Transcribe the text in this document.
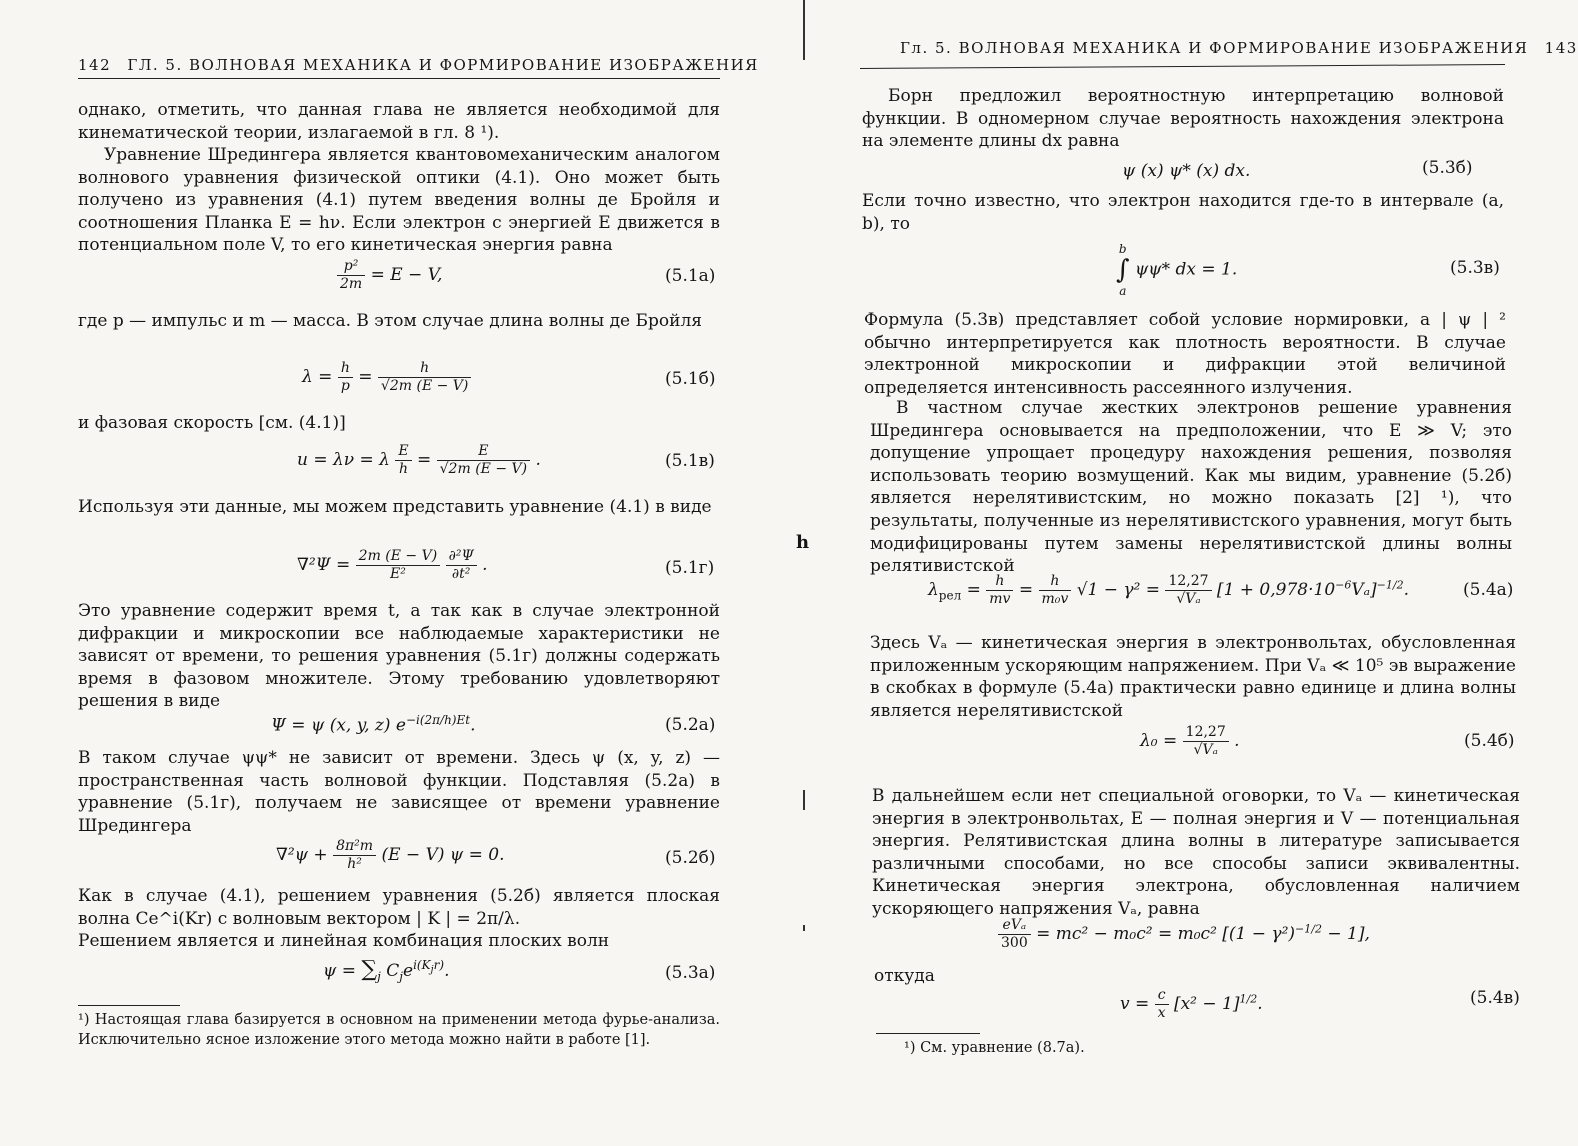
142 ГЛ. 5. ВОЛНОВАЯ МЕХАНИКА И ФОРМИРОВАНИЕ ИЗОБРАЖЕНИЯ

однако, отметить, что данная глава не является необходимой для кинематической теории, излагаемой в гл. 8 ¹).

Уравнение Шредингера является квантовомеханическим аналогом волнового уравнения физической оптики (4.1). Оно может быть получено из уравнения (4.1) путем введения волны де Бройля и соотношения Планка E = hν. Если электрон с энергией E движется в потенциальном поле V, то его кинетическая энергия равна

$\frac{\text{p²}}{2m} = E - V$,	(5.1а)

где p — импульс и m — масса. В этом случае длина волны де Бройля

$\lambda = \frac{h}{p} = \frac{h}{√2m (E - V)}$	(5.1б)

и фазовая скорость [см. (4.1)]

u = λν = λ $\frac{E}{h} = \frac{E}{√2m (E - V)}$ .	(5.1в)

Используя эти данные, мы можем представить уравнение (4.1) в виде

$\nabla^2\Psi = \frac{2m (E - V)}{\text{E²}}$
$\frac{\text{∂²Ψ}}{\text{∂t²}}$ .	(5.1г)

Это уравнение содержит время t, а так как в случае электронной дифракции и микроскопии все наблюдаемые характеристики не зависят от времени, то решения уравнения (5.1г) должны содержать время в фазовом множителе. Этому требованию удовлетворяют решения в виде

Ψ = ψ (x, y, z) $e^{-i(2\pi/h)Et}$.	(5.2а)

В таком случае ψψ* не зависит от времени. Здесь ψ (x, y, z) — пространственная часть волновой функции. Подставляя (5.2а) в уравнение (5.1г), получаем не зависящее от времени уравнение Шредингера

$\nabla^2\psi + \frac{\text{8π²m}}{\text{h²}} (E - V) \psi = 0$.	(5.2б)

Как в случае (4.1), решением уравнения (5.2б) является плоская волна Ce^i(Kr) с волновым вектором | K | = 2π/λ.

Решением является и линейная комбинация плоских волн

$\psi = \sum_j$ $C_je^{i(K_jr)}$.	(5.3а)

¹) Настоящая глава базируется в основном на применении метода фурье-анализа. Исключительно ясное изложение этого метода можно найти в работе [1].

h
Гл. 5. ВОЛНОВАЯ МЕХАНИКА И ФОРМИРОВАНИЕ ИЗОБРАЖЕНИЯ 143

Борн предложил вероятностную интерпретацию волновой функции. В одномерном случае вероятность нахождения электрона на элементе длины dx равна

ψ (x) ψ* (x) dx.	(5.3б)

Если точно известно, что электрон находится где-то в интервале (a, b), то

b
∫
a ψψ* dx = 1.	(5.3в)

Формула (5.3в) представляет собой условие нормировки, а | ψ | ² обычно интерпретируется как плотность вероятности. В случае электронной микроскопии и дифракции этой величиной определяется интенсивность рассеянного излучения.

В частном случае жестких электронов решение уравнения Шредингера основывается на предположении, что E ≫ V; это допущение упрощает процедуру нахождения решения, позволяя использовать теорию возмущений. Как мы видим, уравнение (5.2б) является нерелятивистским, но можно показать [2] ¹), что результаты, полученные из нерелятивистского уравнения, могут быть модифицированы путем замены нерелятивистской длины волны релятивистской

$\lambda_{рел} = \frac{h}{mv} = \frac{h}{\text{m₀v}} √1 - \gamma^2 = \frac{12,27}{\text{√Vₐ}} [1 + 0,978\cdot 10^{-6}V_a]^{-1/2}$.	(5.4а)

Здесь Vₐ — кинетическая энергия в электронвольтах, обусловленная приложенным ускоряющим напряжением. При Vₐ ≪ 10⁵ эв выражение в скобках в формуле (5.4а) практически равно единице и длина волны является нерелятивистской

$\lambda_0 = \frac{12,27}{\text{√Vₐ}}$ .	(5.4б)

В дальнейшем если нет специальной оговорки, то Vₐ — кинетическая энергия в электронвольтах, E — полная энергия и V — потенциальная энергия. Релятивистская длина волны в литературе записывается различными способами, но все способы записи эквивалентны. Кинетическая энергия электрона, обусловленная наличием ускоряющего напряжения Vₐ, равна

$\frac{\text{eVₐ}}{300} = mc^2 - m_0c^2 = m_0c^2$ $[(1 - \gamma^2)^{-1/2} - 1]$,

откуда

$v = \frac{c}{x} [x^2 - 1]^{1/2}$.	(5.4в)

¹) См. уравнение (8.7а).
